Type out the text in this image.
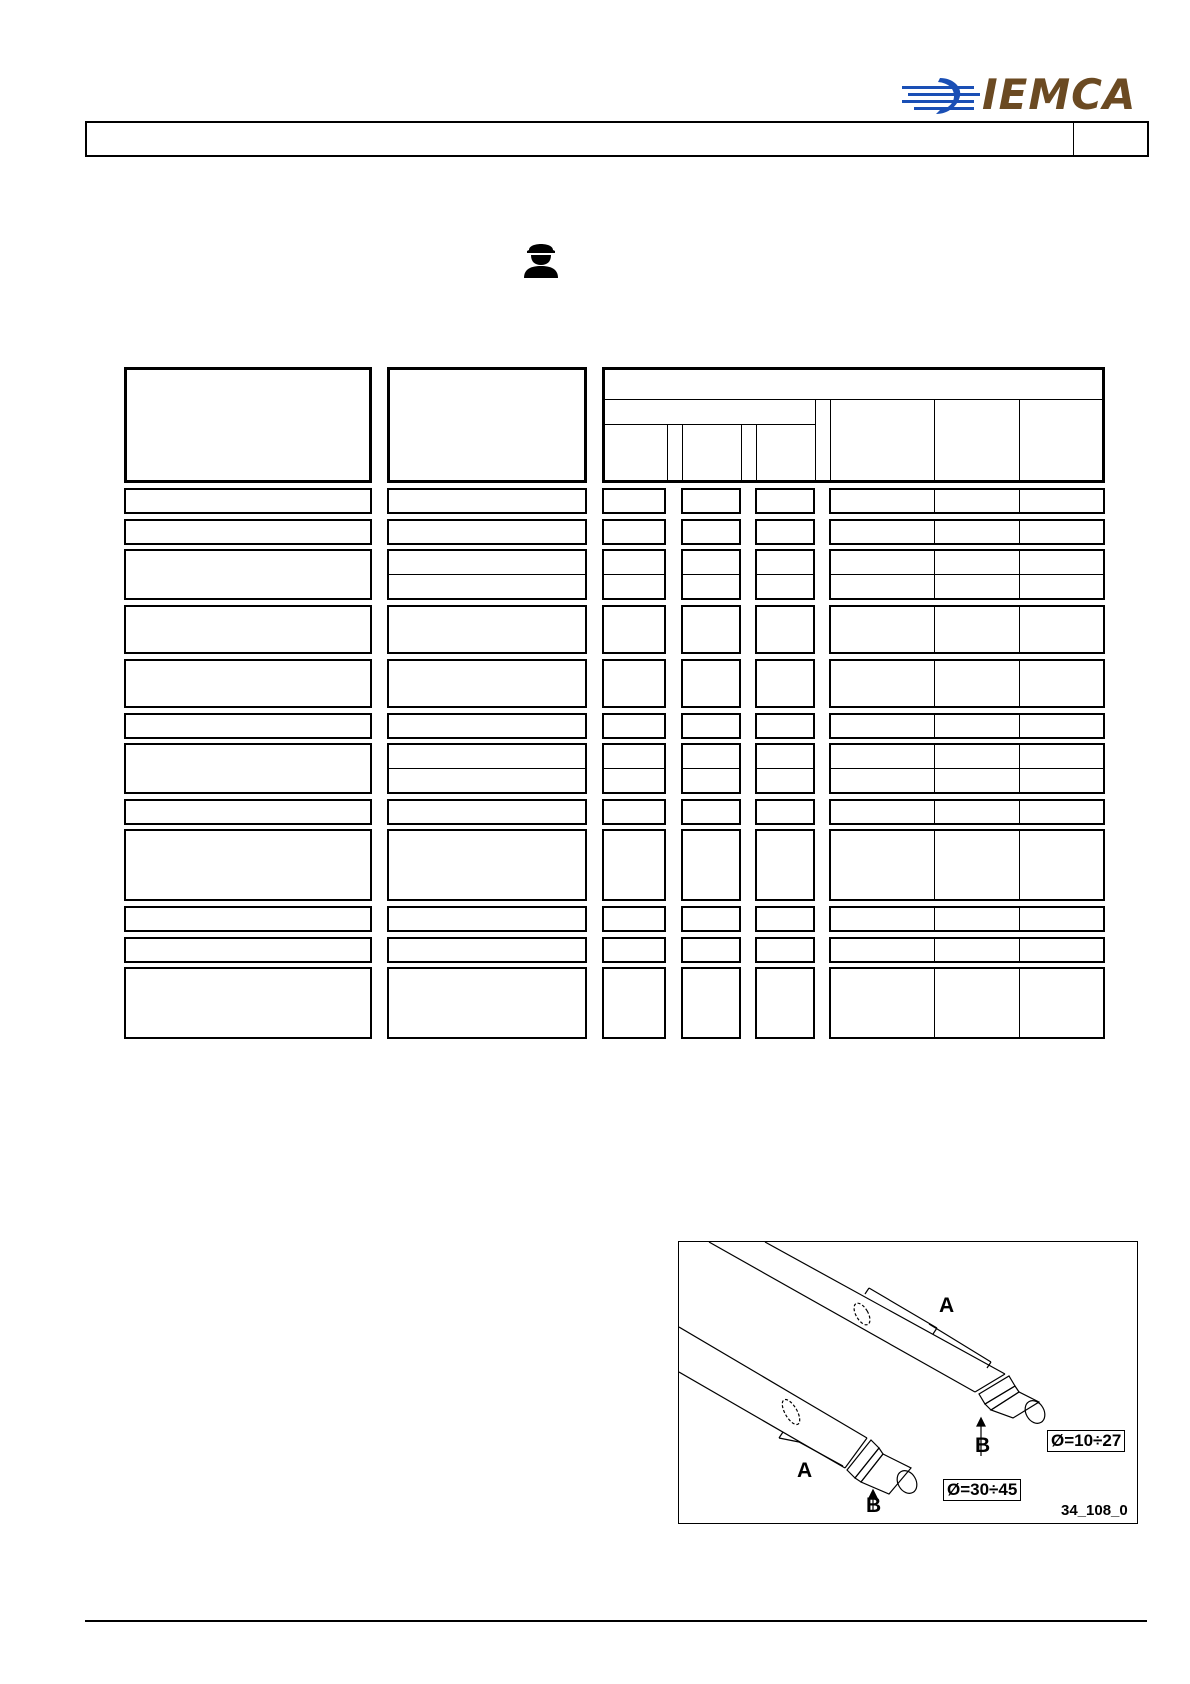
IEMCA
A
B
A
B
Ø=10÷27
Ø=30÷45
34_108_0
